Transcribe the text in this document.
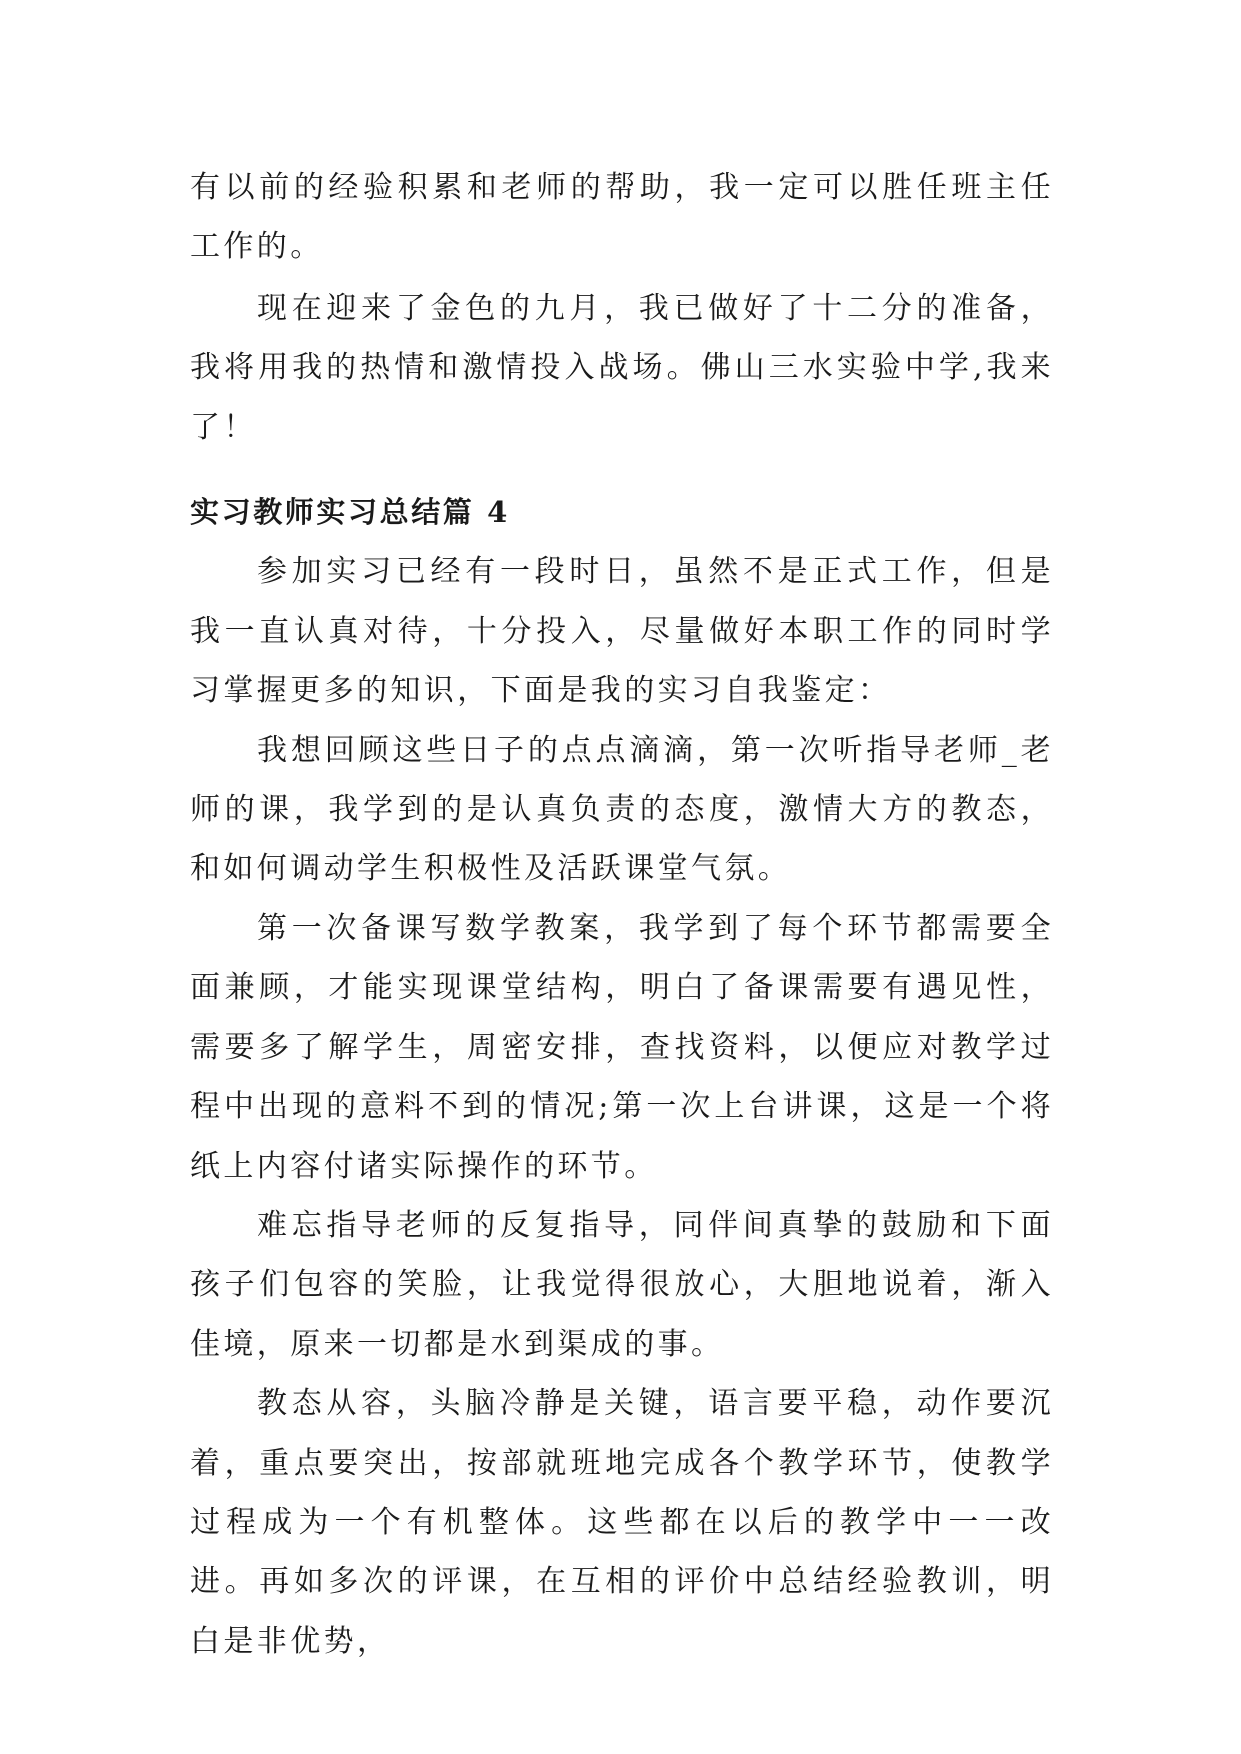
有以前的经验积累和老师的帮助，我一定可以胜任班主任工作的。

现在迎来了金色的九月，我已做好了十二分的准备，我将用我的热情和激情投入战场。佛山三水实验中学,我来了！

实习教师实习总结篇 4

参加实习已经有一段时日，虽然不是正式工作，但是我一直认真对待，十分投入，尽量做好本职工作的同时学习掌握更多的知识，下面是我的实习自我鉴定：

我想回顾这些日子的点点滴滴，第一次听指导老师_老师的课，我学到的是认真负责的态度，激情大方的教态，和如何调动学生积极性及活跃课堂气氛。

第一次备课写数学教案，我学到了每个环节都需要全面兼顾，才能实现课堂结构，明白了备课需要有遇见性，需要多了解学生，周密安排，查找资料，以便应对教学过程中出现的意料不到的情况;第一次上台讲课，这是一个将纸上内容付诸实际操作的环节。

难忘指导老师的反复指导，同伴间真挚的鼓励和下面孩子们包容的笑脸，让我觉得很放心，大胆地说着，渐入佳境，原来一切都是水到渠成的事。

教态从容，头脑冷静是关键，语言要平稳，动作要沉着，重点要突出，按部就班地完成各个教学环节，使教学过程成为一个有机整体。这些都在以后的教学中一一改进。再如多次的评课，在互相的评价中总结经验教训，明白是非优势，
